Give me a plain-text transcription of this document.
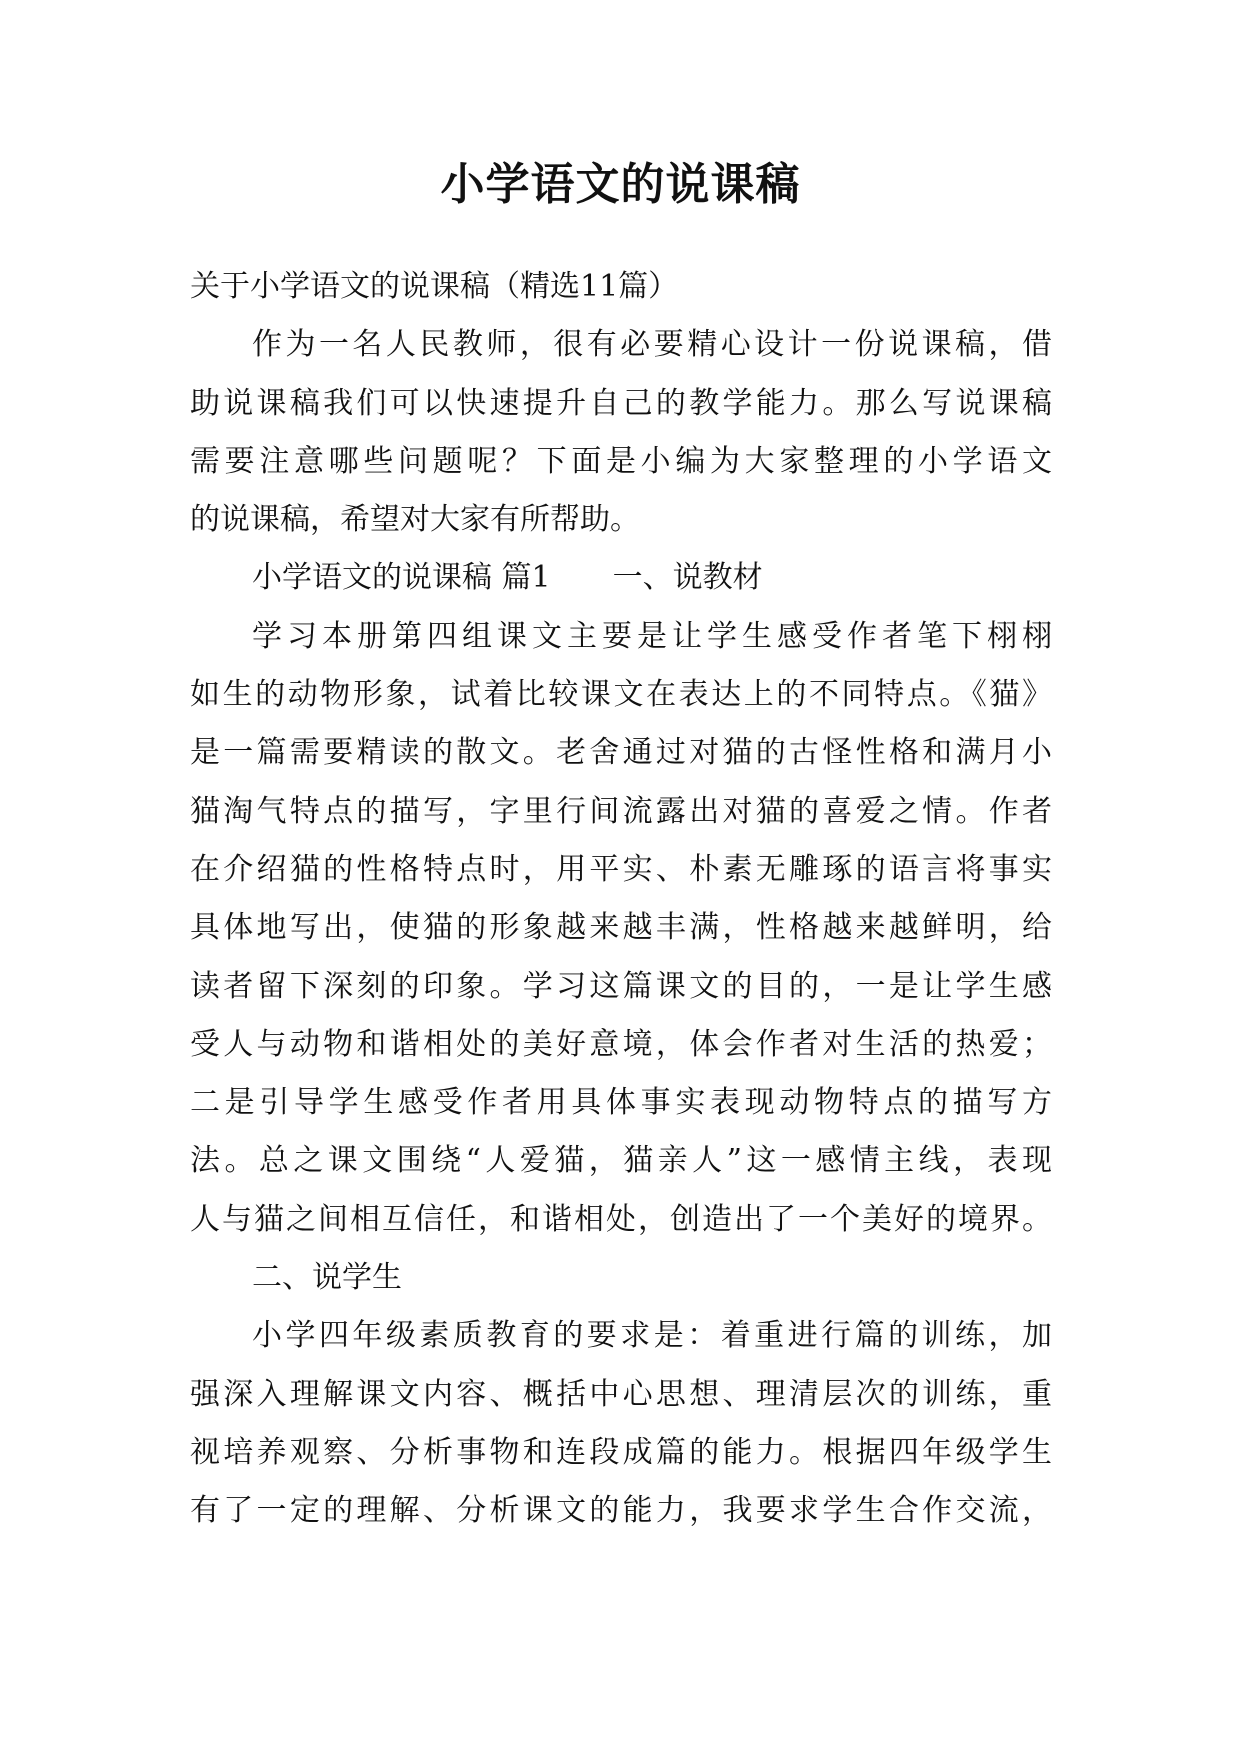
小学语文的说课稿
关于小学语文的说课稿（精选11篇）
作为一名人民教师，很有必要精心设计一份说课稿，借
助说课稿我们可以快速提升自己的教学能力。那么写说课稿
需要注意哪些问题呢？下面是小编为大家整理的小学语文
的说课稿，希望对大家有所帮助。
小学语文的说课稿 篇1 一、说教材
学习本册第四组课文主要是让学生感受作者笔下栩栩
如生的动物形象，试着比较课文在表达上的不同特点。《猫》
是一篇需要精读的散文。老舍通过对猫的古怪性格和满月小
猫淘气特点的描写，字里行间流露出对猫的喜爱之情。作者
在介绍猫的性格特点时，用平实、朴素无雕琢的语言将事实
具体地写出，使猫的形象越来越丰满，性格越来越鲜明，给
读者留下深刻的印象。学习这篇课文的目的，一是让学生感
受人与动物和谐相处的美好意境，体会作者对生活的热爱；
二是引导学生感受作者用具体事实表现动物特点的描写方
法。总之课文围绕“人爱猫，猫亲人”这一感情主线，表现
人与猫之间相互信任，和谐相处，创造出了一个美好的境界。
二、说学生
小学四年级素质教育的要求是：着重进行篇的训练，加
强深入理解课文内容、概括中心思想、理清层次的训练，重
视培养观察、分析事物和连段成篇的能力。根据四年级学生
有了一定的理解、分析课文的能力，我要求学生合作交流，
